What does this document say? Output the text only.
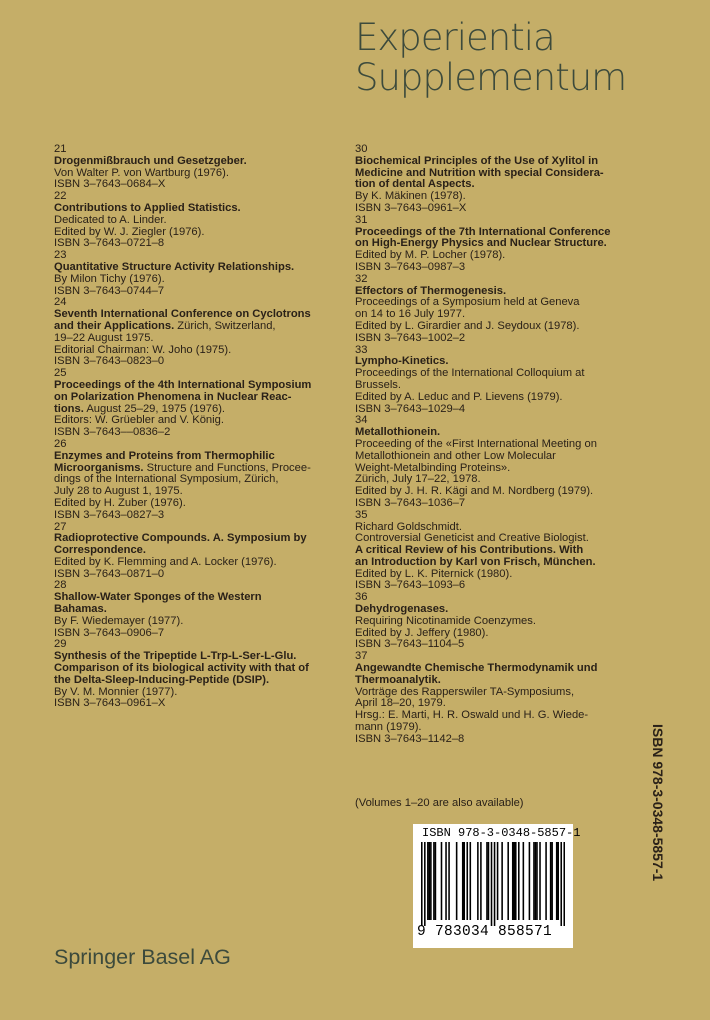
Experientia
Supplementum
21
Drogenmißbrauch und Gesetzgeber.
Von Walter P. von Wartburg (1976).
ISBN 3–7643–0684–X
22
Contributions to Applied Statistics.
Dedicated to A. Linder.
Edited by W. J. Ziegler (1976).
ISBN 3–7643–0721–8
23
Quantitative Structure Activity Relationships.
By Milon Tichy (1976).
ISBN 3–7643–0744–7
24
Seventh International Conference on Cyclotrons
and their Applications. Zürich, Switzerland,
19–22 August 1975.
Editorial Chairman: W. Joho (1975).
ISBN 3–7643–0823–0
25
Proceedings of the 4th International Symposium
on Polarization Phenomena in Nuclear Reac-
tions. August 25–29, 1975 (1976).
Editors: W. Grüebler and V. König.
ISBN 3–7643––0836–2
26
Enzymes and Proteins from Thermophilic
Microorganisms. Structure and Functions, Procee-
dings of the International Symposium, Zürich,
July 28 to August 1, 1975.
Edited by H. Zuber (1976).
ISBN 3–7643–0827–3
27
Radioprotective Compounds. A. Symposium by
Correspondence.
Edited by K. Flemming and A. Locker (1976).
ISBN 3–7643–0871–0
28
Shallow-Water Sponges of the Western
Bahamas.
By F. Wiedemayer (1977).
ISBN 3–7643–0906–7
29
Synthesis of the Tripeptide L-Trp-L-Ser-L-Glu.
Comparison of its biological activity with that of
the Delta-Sleep-Inducing-Peptide (DSIP).
By V. M. Monnier (1977).
ISBN 3–7643–0961–X
30
Biochemical Principles of the Use of Xylitol in
Medicine and Nutrition with special Considera-
tion of dental Aspects.
By K. Mäkinen (1978).
ISBN 3–7643–0961–X
31
Proceedings of the 7th International Conference
on High-Energy Physics and Nuclear Structure.
Edited by M. P. Locher (1978).
ISBN 3–7643–0987–3
32
Effectors of Thermogenesis.
Proceedings of a Symposium held at Geneva
on 14 to 16 July 1977.
Edited by L. Girardier and J. Seydoux (1978).
ISBN 3–7643–1002–2
33
Lympho-Kinetics.
Proceedings of the International Colloquium at
Brussels.
Edited by A. Leduc and P. Lievens (1979).
ISBN 3–7643–1029–4
34
Metallothionein.
Proceeding of the «First International Meeting on
Metallothionein and other Low Molecular
Weight-Metalbinding Proteins».
Zürich, July 17–22, 1978.
Edited by J. H. R. Kägi and M. Nordberg (1979).
ISBN 3–7643–1036–7
35
Richard Goldschmidt.
Controversial Geneticist and Creative Biologist.
A critical Review of his Contributions. With
an Introduction by Karl von Frisch, München.
Edited by L. K. Piternick (1980).
ISBN 3–7643–1093–6
36
Dehydrogenases.
Requiring Nicotinamide Coenzymes.
Edited by J. Jeffery (1980).
ISBN 3–7643–1104–5
37
Angewandte Chemische Thermodynamik und
Thermoanalytik.
Vorträge des Rapperswiler TA-Symposiums,
April 18–20, 1979.
Hrsg.: E. Marti, H. R. Oswald und H. G. Wiede-
mann (1979).
ISBN 3–7643–1142–8
(Volumes 1–20 are also available)	ISBN 978-3-0348-5857-1
ISBN 978-3-0348-5857-1
9 783034 858571
Springer Basel AG
